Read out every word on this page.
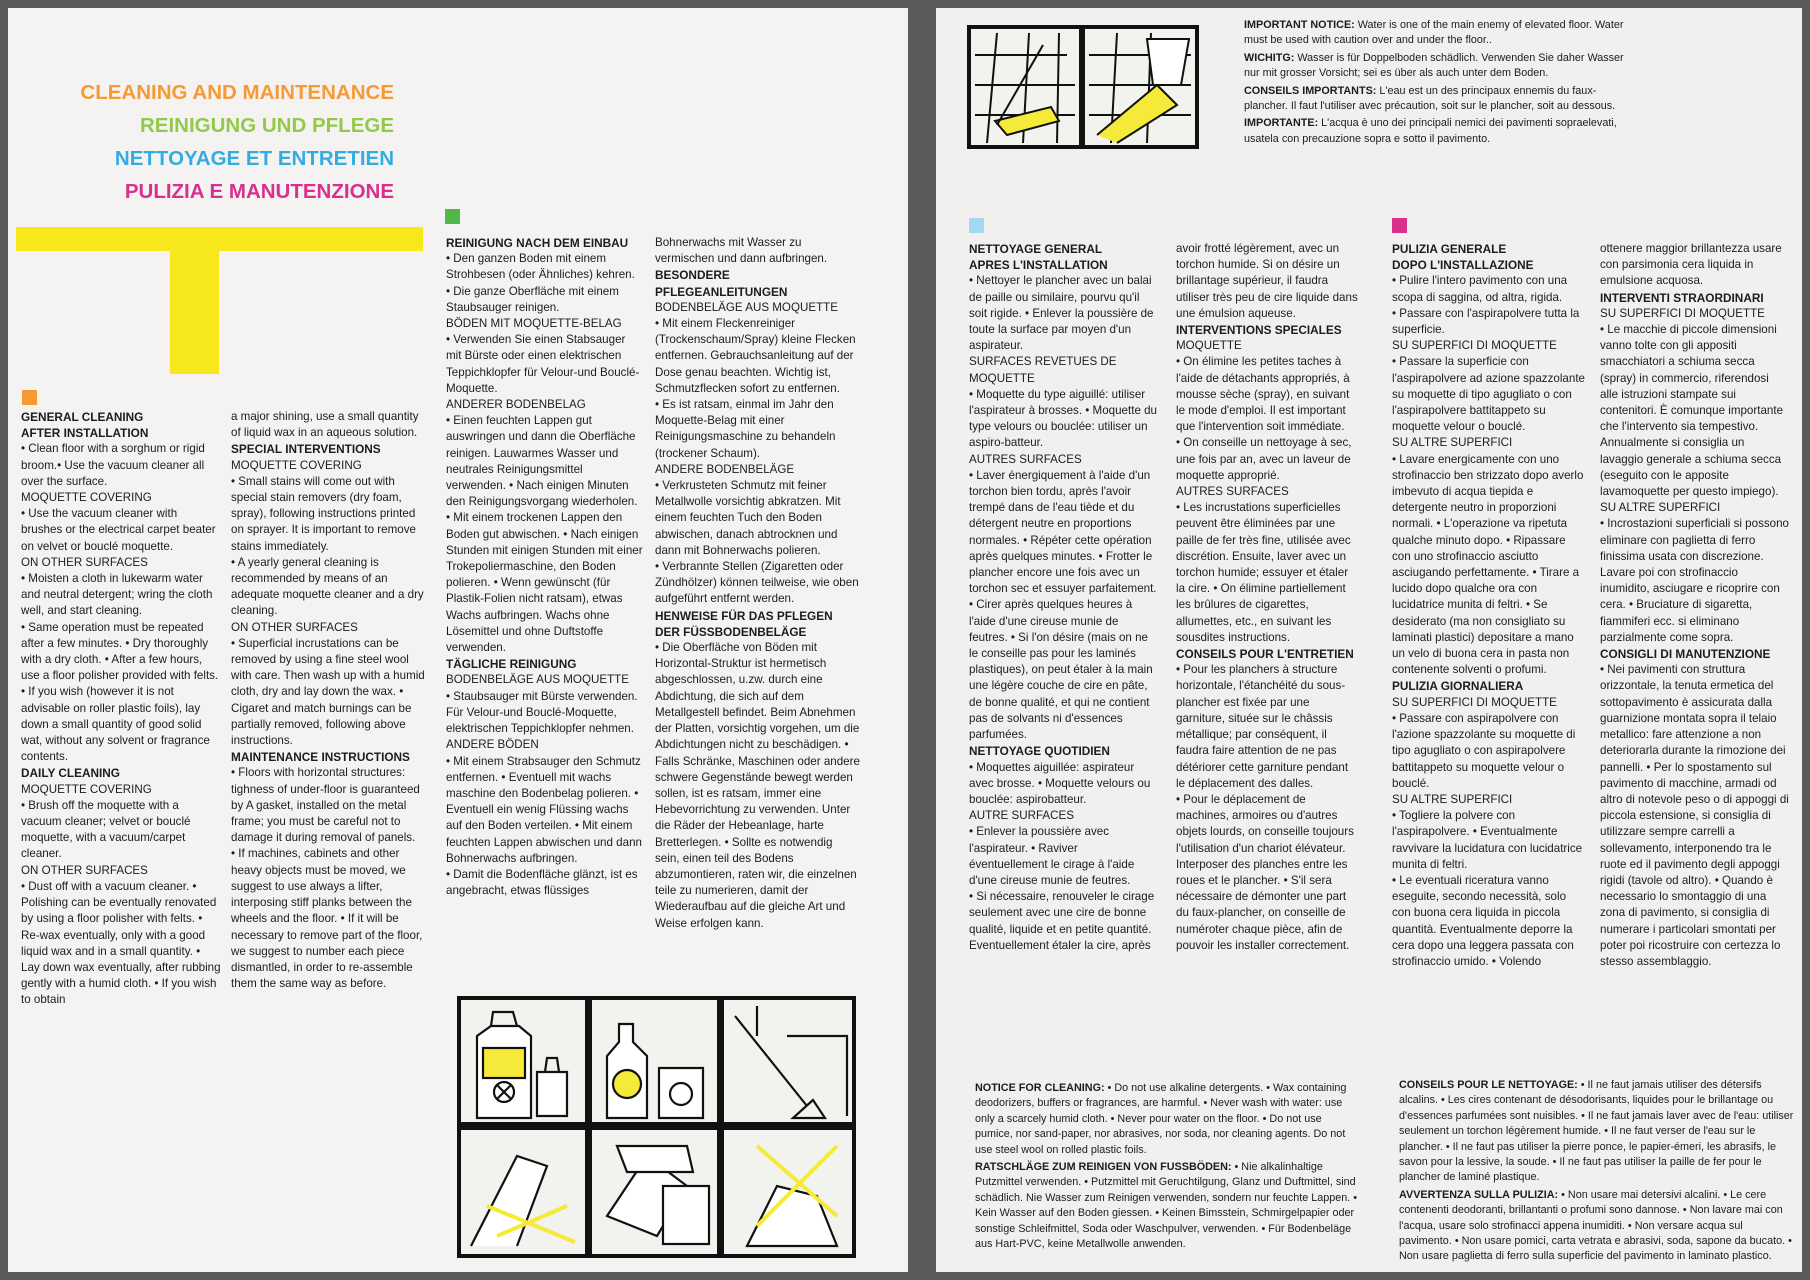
CLEANING AND MAINTENANCE
REINIGUNG UND PFLEGE
NETTOYAGE ET ENTRETIEN
PULIZIA E MANUTENZIONE

GENERAL CLEANING

AFTER INSTALLATION

• Clean floor with a sorghum or rigid broom.• Use the vacuum cleaner all over the surface.

MOQUETTE COVERING

• Use the vacuum cleaner with brushes or the electrical carpet beater on velvet or bouclé moquette.

ON OTHER SURFACES

• Moisten a cloth in lukewarm water and neutral detergent; wring the cloth well, and start cleaning.

• Same operation must be repeated after a few minutes. • Dry thoroughly with a dry cloth. • After a few hours, use a floor polisher provided with felts. • If you wish (however it is not advisable on roller plastic foils), lay down a small quantity of good solid wat, without any solvent or fragrance contents.

DAILY CLEANING

MOQUETTE COVERING

• Brush off the moquette with a vacuum cleaner; velvet or bouclé moquette, with a vacuum/carpet cleaner.

ON OTHER SURFACES

• Dust off with a vacuum cleaner. • Polishing can be eventually renovated by using a floor polisher with felts. • Re-wax eventually, only with a good liquid wax and in a small quantity. • Lay down wax eventually, after rubbing gently with a humid cloth. • If you wish to obtain

a major shining, use a small quantity of liquid wax in an aqueous solution.

SPECIAL INTERVENTIONS

MOQUETTE COVERING

• Small stains will come out with special stain removers (dry foam, spray), following instructions printed on sprayer. It is important to remove stains immediately.

• A yearly general cleaning is recommended by means of an adequate moquette cleaner and a dry cleaning.

ON OTHER SURFACES

• Superficial incrustations can be removed by using a fine steel wool with care. Then wash up with a humid cloth, dry and lay down the wax. • Cigaret and match burnings can be partially removed, following above instructions.

MAINTENANCE INSTRUCTIONS

• Floors with horizontal structures: tighness of under-floor is guaranteed by A gasket, installed on the metal frame; you must be careful not to damage it during removal of panels.

• If machines, cabinets and other heavy objects must be moved, we suggest to use always a lifter, interposing stiff planks between the wheels and the floor. • If it will be necessary to remove part of the floor, we suggest to number each piece dismantled, in order to re-assemble them the same way as before.

REINIGUNG NACH DEM EINBAU

• Den ganzen Boden mit einem Strohbesen (oder Ähnliches) kehren.

• Die ganze Oberfläche mit einem Staubsauger reinigen.

BÖDEN MIT MOQUETTE-BELAG

• Verwenden Sie einen Stabsauger mit Bürste oder einen elektrischen Teppichklopfer für Velour-und Bouclé-Moquette.

ANDERER BODENBELAG

• Einen feuchten Lappen gut auswringen und dann die Oberfläche reinigen. Lauwarmes Wasser und neutrales Reinigungsmittel verwenden. • Nach einigen Minuten den Reinigungsvorgang wiederholen.

• Mit einem trockenen Lappen den Boden gut abwischen. • Nach einigen Stunden mit einigen Stunden mit einer Trokepoliermaschine, den Boden polieren. • Wenn gewünscht (für Plastik-Folien nicht ratsam), etwas Wachs aufbringen. Wachs ohne Lösemittel und ohne Duftstoffe verwenden.

TÄGLICHE REINIGUNG

BODENBELÄGE AUS MOQUETTE

• Staubsauger mit Bürste verwenden. Für Velour-und Bouclé-Moquette, elektrischen Teppichklopfer nehmen.

ANDERE BÖDEN

• Mit einem Strabsauger den Schmutz entfernen. • Eventuell mit wachs maschine den Bodenbelag polieren. • Eventuell ein wenig Flüssing wachs auf den Boden verteilen. • Mit einem feuchten Lappen abwischen und dann Bohnerwachs aufbringen.

• Damit die Bodenfläche glänzt, ist es angebracht, etwas flüssiges

Bohnerwachs mit Wasser zu vermischen und dann aufbringen.

BESONDERE PFLEGEANLEITUNGEN

BODENBELÄGE AUS MOQUETTE

• Mit einem Fleckenreiniger (Trockenschaum/Spray) kleine Flecken entfernen. Gebrauchsanleitung auf der Dose genau beachten. Wichtig ist, Schmutzflecken sofort zu entfernen.

• Es ist ratsam, einmal im Jahr den Moquette-Belag mit einer Reinigungsmaschine zu behandeln (trockener Schaum).

ANDERE BODENBELÄGE

• Verkrusteten Schmutz mit feiner Metallwolle vorsichtig abkratzen. Mit einem feuchten Tuch den Boden abwischen, danach abtrocknen und dann mit Bohnerwachs polieren.

• Verbrannte Stellen (Zigaretten oder Zündhölzer) können teilweise, wie oben aufgeführt entfernt werden.

HENWEISE FÜR DAS PFLEGEN DER FÜSSBODENBELÄGE

• Die Oberfläche von Böden mit Horizontal-Struktur ist hermetisch abgeschlossen, u.zw. durch eine Abdichtung, die sich auf dem Metallgestell befindet. Beim Abnehmen der Platten, vorsichtig vorgehen, um die Abdichtungen nicht zu beschädigen. • Falls Schränke, Maschinen oder andere schwere Gegenstände bewegt werden sollen, ist es ratsam, immer eine Hebevorrichtung zu verwenden. Unter die Räder der Hebeanlage, harte Bretterlegen. • Sollte es notwendig sein, einen teil des Bodens abzumontieren, raten wir, die einzelnen teile zu numerieren, damit der Wiederaufbau auf die gleiche Art und Weise erfolgen kann.

IMPORTANT NOTICE: Water is one of the main enemy of elevated floor. Water must be used with caution over and under the floor..

WICHITG: Wasser is für Doppelboden schädlich. Verwenden Sie daher Wasser nur mit grosser Vorsicht; sei es über als auch unter dem Boden.

CONSEILS IMPORTANTS: L'eau est un des principaux ennemis du faux-plancher. Il faut l'utiliser avec précaution, soit sur le plancher, soit au dessous.

IMPORTANTE: L'acqua è uno dei principali nemici dei pavimenti sopraelevati, usatela con precauzione sopra e sotto il pavimento.

NETTOYAGE GENERAL

APRES L'INSTALLATION

• Nettoyer le plancher avec un balai de paille ou similaire, pourvu qu'il soit rigide. • Enlever la poussière de toute la surface par moyen d'un aspirateur.

SURFACES REVETUES DE MOQUETTE

• Moquette du type aiguillé: utiliser l'aspirateur à brosses. • Moquette du type velours ou bouclée: utiliser un aspiro-batteur.

AUTRES SURFACES

• Laver énergiquement à l'aide d'un torchon bien tordu, après l'avoir trempé dans de l'eau tiède et du détergent neutre en proportions normales. • Répéter cette opération après quelques minutes. • Frotter le plancher encore une fois avec un torchon sec et essuyer parfaitement. • Cirer après quelques heures à l'aide d'une cireuse munie de feutres. • Si l'on désire (mais on ne le conseille pas pour les laminés plastiques), on peut étaler à la main une légère couche de cire en pâte, de bonne qualité, et qui ne contient pas de solvants ni d'essences parfumées.

NETTOYAGE QUOTIDIEN

• Moquettes aiguillée: aspirateur avec brosse. • Moquette velours ou bouclée: aspirobatteur.

AUTRE SURFACES

• Enlever la poussière avec l'aspirateur. • Raviver éventuellement le cirage à l'aide d'une cireuse munie de feutres.

• Si nécessaire, renouveler le cirage seulement avec une cire de bonne qualité, liquide et en petite quantité. Eventuellement étaler la cire, après

avoir frotté légèrement, avec un torchon humide. Si on désire un brillantage supérieur, il faudra utiliser très peu de cire liquide dans une émulsion aqueuse.

INTERVENTIONS SPECIALES

MOQUETTE

• On élimine les petites taches à l'aide de détachants appropriés, à mousse sèche (spray), en suivant le mode d'emploi. Il est important que l'intervention soit immédiate.

• On conseille un nettoyage à sec, une fois par an, avec un laveur de moquette approprié.

AUTRES SURFACES

• Les incrustations superficielles peuvent être éliminées par une paille de fer très fine, utilisée avec discrétion. Ensuite, laver avec un torchon humide; essuyer et étaler la cire. • On élimine partiellement les brûlures de cigarettes, allumettes, etc., en suivant les sousdites instructions.

CONSEILS POUR L'ENTRETIEN

• Pour les planchers à structure horizontale, l'étanchéité du sous-plancher est fixée par une garniture, située sur le châssis métallique; par conséquent, il faudra faire attention de ne pas détériorer cette garniture pendant le déplacement des dalles.

• Pour le déplacement de machines, armoires ou d'autres objets lourds, on conseille toujours l'utilisation d'un chariot élévateur. Interposer des planches entre les roues et le plancher. • S'il sera nécessaire de démonter une part du faux-plancher, on conseille de numéroter chaque pièce, afin de pouvoir les installer correctement.

PULIZIA GENERALE

DOPO L'INSTALLAZIONE

• Pulire l'intero pavimento con una scopa di saggina, od altra, rigida.

• Passare con l'aspirapolvere tutta la superficie.

SU SUPERFICI DI MOQUETTE

• Passare la superficie con l'aspirapolvere ad azione spazzolante su moquette di tipo agugliato o con l'aspirapolvere battitappeto su moquette velour o bouclé.

SU ALTRE SUPERFICI

• Lavare energicamente con uno strofinaccio ben strizzato dopo averlo imbevuto di acqua tiepida e detergente neutro in proporzioni normali. • L'operazione va ripetuta qualche minuto dopo. • Ripassare con uno strofinaccio asciutto asciugando perfettamente. • Tirare a lucido dopo qualche ora con lucidatrice munita di feltri. • Se desiderato (ma non consigliato su laminati plastici) depositare a mano un velo di buona cera in pasta non contenente solventi o profumi.

PULIZIA GIORNALIERA

SU SUPERFICI DI MOQUETTE

• Passare con aspirapolvere con l'azione spazzolante su moquette di tipo agugliato o con aspirapolvere battitappeto su moquette velour o bouclé.

SU ALTRE SUPERFICI

• Togliere la polvere con l'aspirapolvere. • Eventualmente ravvivare la lucidatura con lucidatrice munita di feltri.

• Le eventuali riceratura vanno eseguite, secondo necessità, solo con buona cera liquida in piccola quantità. Eventualmente deporre la cera dopo una leggera passata con strofinaccio umido. • Volendo

ottenere maggior brillantezza usare con parsimonia cera liquida in emulsione acquosa.

INTERVENTI STRAORDINARI

SU SUPERFICI DI MOQUETTE

• Le macchie di piccole dimensioni vanno tolte con gli appositi smacchiatori a schiuma secca (spray) in commercio, riferendosi alle istruzioni stampate sui contenitori. È comunque importante che l'intervento sia tempestivo. Annualmente si consiglia un lavaggio generale a schiuma secca (eseguito con le apposite lavamoquette per questo impiego).

SU ALTRE SUPERFICI

• Incrostazioni superficiali si possono eliminare con paglietta di ferro finissima usata con discrezione. Lavare poi con strofinaccio inumidito, asciugare e ricoprire con cera. • Bruciature di sigaretta, fiammiferi ecc. si eliminano parzialmente come sopra.

CONSIGLI DI MANUTENZIONE

• Nei pavimenti con struttura orizzontale, la tenuta ermetica del sottopavimento è assicurata dalla guarnizione montata sopra il telaio metallico: fare attenzione a non deteriorarla durante la rimozione dei pannelli. • Per lo spostamento sul pavimento di macchine, armadi od altro di notevole peso o di appoggi di piccola estensione, si consiglia di utilizzare sempre carrelli a sollevamento, interponendo tra le ruote ed il pavimento degli appoggi rigidi (tavole od altro). • Quando è necessario lo smontaggio di una zona di pavimento, si consiglia di numerare i particolari smontati per poter poi ricostruire con certezza lo stesso assemblaggio.

NOTICE FOR CLEANING: • Do not use alkaline detergents. • Wax containing deodorizers, buffers or fragrances, are harmful. • Never wash with water: use only a scarcely humid cloth. • Never pour water on the floor. • Do not use pumice, nor sand-paper, nor abrasives, nor soda, nor cleaning agents. Do not use steel wool on rolled plastic foils.

RATSCHLÄGE ZUM REINIGEN VON FUSSBÖDEN: • Nie alkalinhaltige Putzmittel verwenden. • Putzmittel mit Geruchtilgung, Glanz und Duftmittel, sind schädlich. Nie Wasser zum Reinigen verwenden, sondern nur feuchte Lappen. • Kein Wasser auf den Boden giessen. • Keinen Bimsstein, Schmirgelpapier oder sonstige Schleifmittel, Soda oder Waschpulver, verwenden. • Für Bodenbeläge aus Hart-PVC, keine Metallwolle anwenden.

CONSEILS POUR LE NETTOYAGE: • Il ne faut jamais utiliser des détersifs alcalins. • Les cires contenant de désodorisants, liquides pour le brillantage ou d'essences parfumées sont nuisibles. • Il ne faut jamais laver avec de l'eau: utiliser seulement un torchon légèrement humide. • Il ne faut verser de l'eau sur le plancher. • Il ne faut pas utiliser la pierre ponce, le papier-émeri, les abrasifs, le savon pour la lessive, la soude. • Il ne faut pas utiliser la paille de fer pour le plancher de laminé plastique.

AVVERTENZA SULLA PULIZIA: • Non usare mai detersivi alcalini. • Le cere contenenti deodoranti, brillantanti o profumi sono dannose. • Non lavare mai con l'acqua, usare solo strofinacci appena inumiditi. • Non versare acqua sul pavimento. • Non usare pomici, carta vetrata e abrasivi, soda, sapone da bucato. • Non usare paglietta di ferro sulla superficie del pavimento in laminato plastico.
